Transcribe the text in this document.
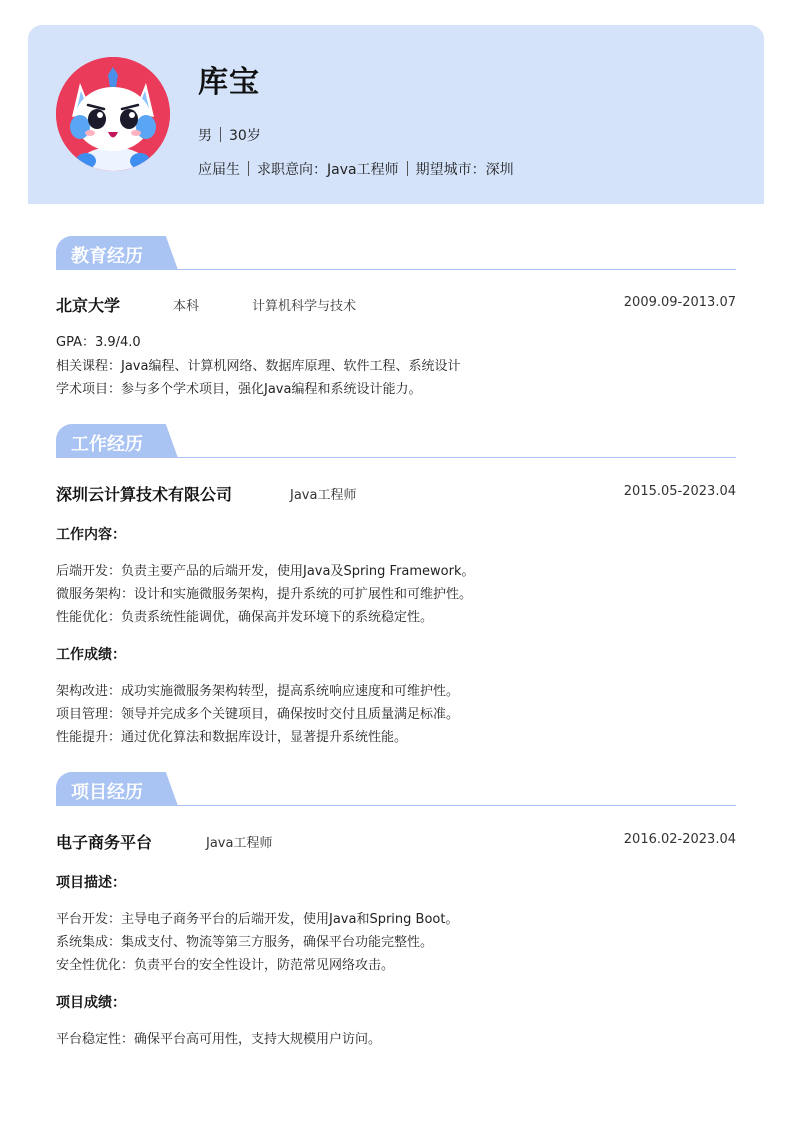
库宝
男 30岁
应届生 求职意向：Java工程师 期望城市：深圳
教育经历
北京大学	本科	计算机科学与技术	2009.09-2013.07
GPA：3.9/4.0
相关课程：Java编程、计算机网络、数据库原理、软件工程、系统设计
学术项目：参与多个学术项目，强化Java编程和系统设计能力。
工作经历
深圳云计算技术有限公司	Java工程师	2015.05-2023.04
工作内容：
后端开发：负责主要产品的后端开发，使用Java及Spring Framework。
微服务架构：设计和实施微服务架构，提升系统的可扩展性和可维护性。
性能优化：负责系统性能调优，确保高并发环境下的系统稳定性。
工作成绩：
架构改进：成功实施微服务架构转型，提高系统响应速度和可维护性。
项目管理：领导并完成多个关键项目，确保按时交付且质量满足标准。
性能提升：通过优化算法和数据库设计，显著提升系统性能。
项目经历
电子商务平台	Java工程师	2016.02-2023.04
项目描述：
平台开发：主导电子商务平台的后端开发，使用Java和Spring Boot。
系统集成：集成支付、物流等第三方服务，确保平台功能完整性。
安全性优化：负责平台的安全性设计，防范常见网络攻击。
项目成绩：
平台稳定性：确保平台高可用性，支持大规模用户访问。
